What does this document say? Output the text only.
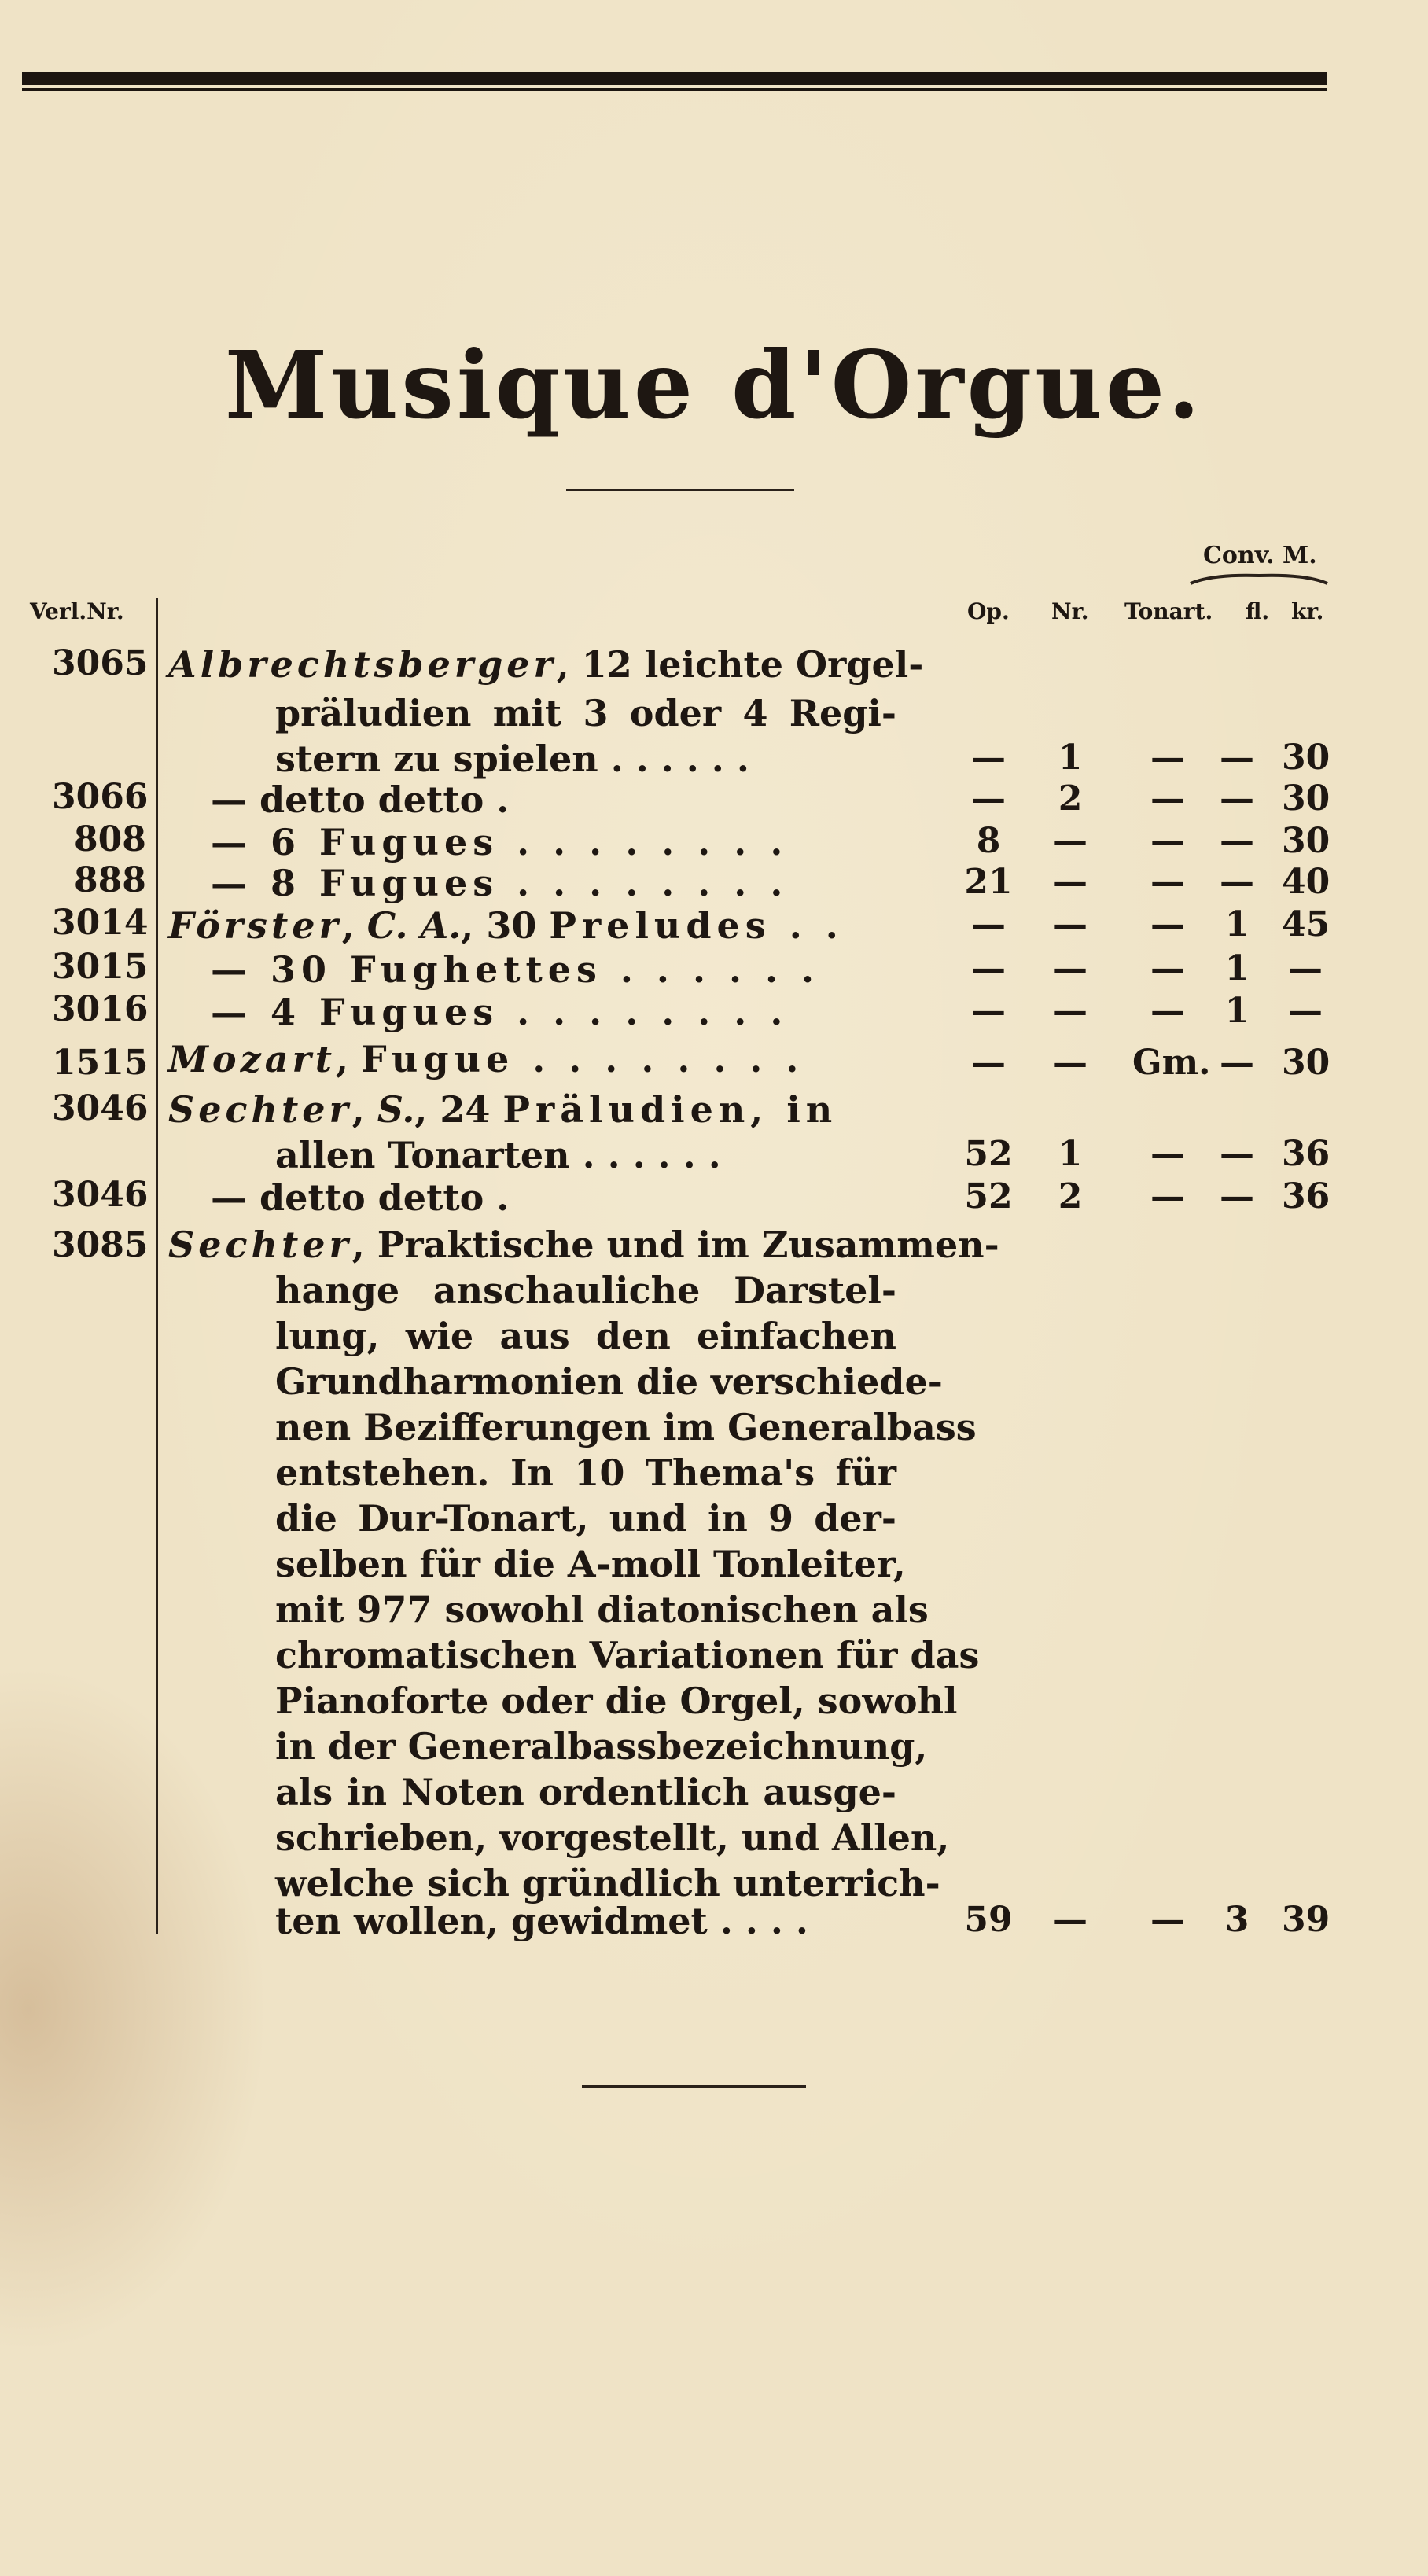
Musique d'Orgue.
Conv. M.
Verl.Nr.	Op. Nr. Tonart. fl. kr.
3065 Albrechtsberger, 12 leichte Orgel-
präludien mit 3 oder 4 Regi-
stern zu spielen . . . . . .	— 1	—	— 30
3066 — detto detto .	— 2	—	— 30
808 — 6 Fugues . . . . . . . .	8	—	—	— 30
888 — 8 Fugues . . . . . . . .	21 —	—	— 40
3014 Förster, C. A., 30 Preludes . .	— —	—	1 45
3015 — 30 Fughettes . . . . . .	— —	—	1 —
3016 — 4 Fugues . . . . . . . .	— —	—	1 —
1515 Mozart, Fugue . . . . . . . .	— — Gm. — 30
3046 Sechter, S., 24 Präludien, in
allen Tonarten . . . . . .	52 1	—	— 36
3046 — detto detto .	52 2	—	— 36
3085 Sechter, Praktische und im Zusammen-
hange anschauliche Darstel-
lung, wie aus den einfachen
Grundharmonien die verschiede-
nen Bezifferungen im Generalbass
entstehen. In 10 Thema's für
die Dur-Tonart, und in 9 der-
selben für die A-moll Tonleiter,
mit 977 sowohl diatonischen als
chromatischen Variationen für das
Pianoforte oder die Orgel, sowohl
in der Generalbassbezeichnung,
als in Noten ordentlich ausge-
schrieben, vorgestellt, und Allen,
welche sich gründlich unterrich-
ten wollen, gewidmet . . . .	59 —	—	3 39
